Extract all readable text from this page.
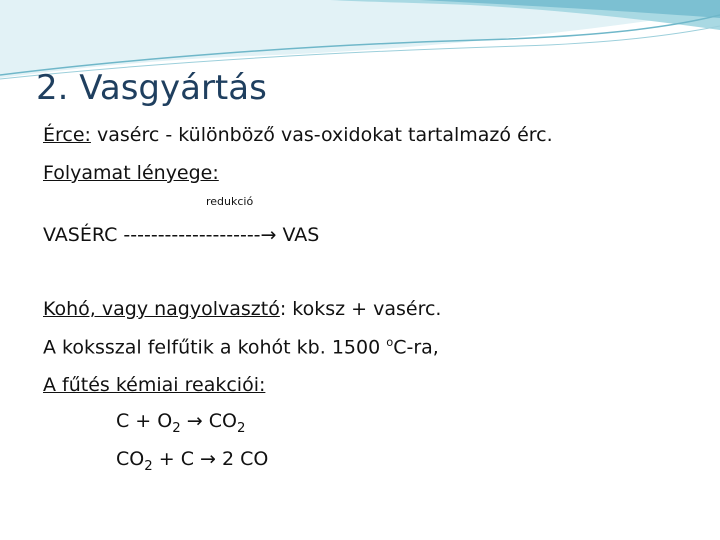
2. Vasgyártás
Érce: vasérc - különböző vas-oxidokat tartalmazó érc.
Folyamat lényege:
redukció
VASÉRC --------------------→ VAS
Kohó, vagy nagyolvasztó: koksz + vasérc.
A koksszal felfűtik a kohót kb. 1500 $^o$C-ra,
A fűtés kémiai reakciói:
$C + O_2 \to CO_2$
$CO_2 + C \to 2$ CO
